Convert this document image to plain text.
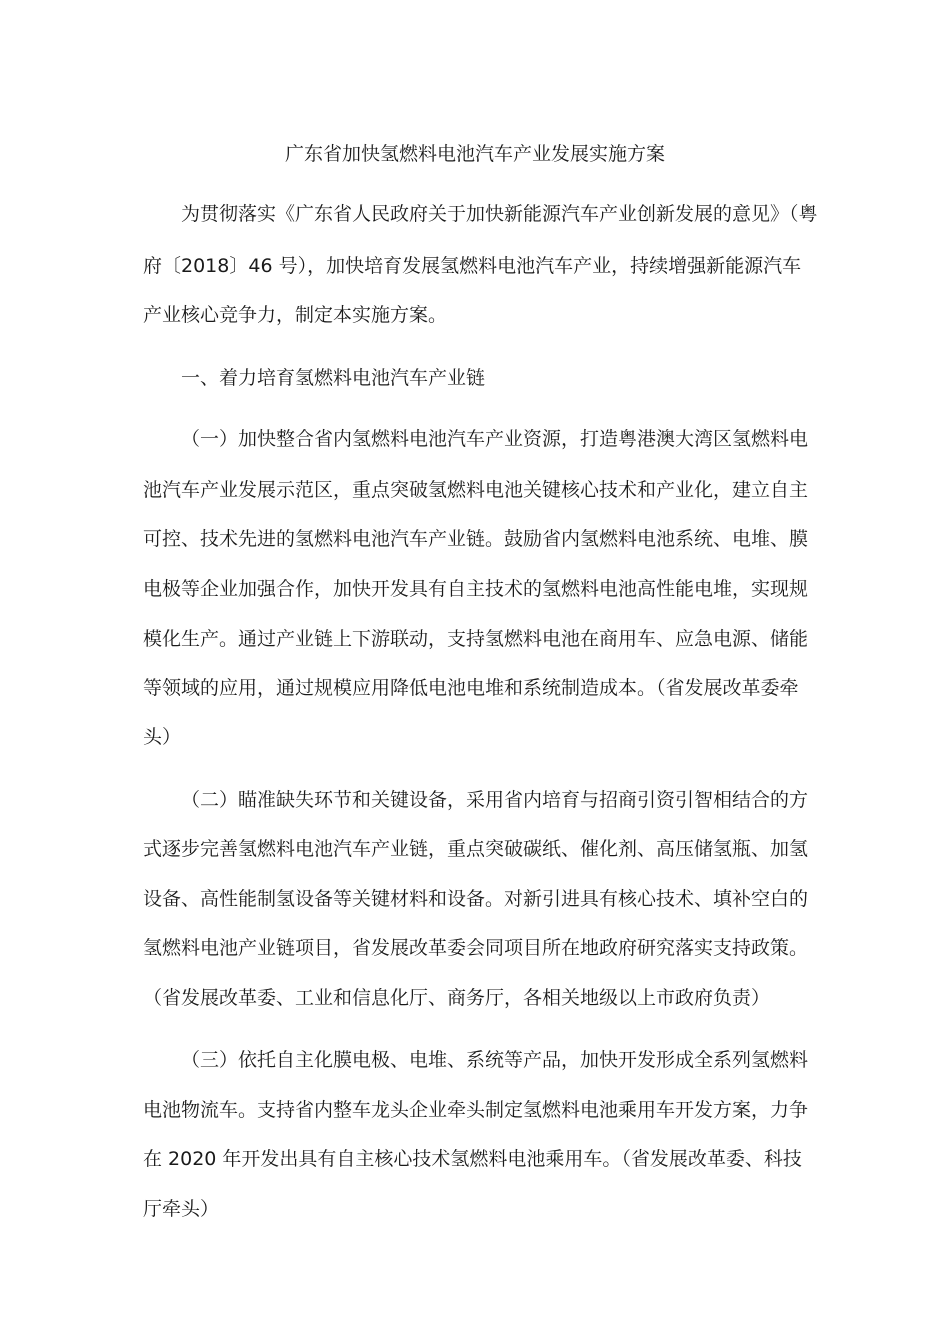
广东省加快氢燃料电池汽车产业发展实施方案
为贯彻落实《广东省人民政府关于加快新能源汽车产业创新发展的意见》（粤
府〔2018〕46 号），加快培育发展氢燃料电池汽车产业，持续增强新能源汽车
产业核心竞争力，制定本实施方案。
一、着力培育氢燃料电池汽车产业链
（一）加快整合省内氢燃料电池汽车产业资源，打造粤港澳大湾区氢燃料电
池汽车产业发展示范区，重点突破氢燃料电池关键核心技术和产业化，建立自主
可控、技术先进的氢燃料电池汽车产业链。鼓励省内氢燃料电池系统、电堆、膜
电极等企业加强合作，加快开发具有自主技术的氢燃料电池高性能电堆，实现规
模化生产。通过产业链上下游联动，支持氢燃料电池在商用车、应急电源、储能
等领域的应用，通过规模应用降低电池电堆和系统制造成本。（省发展改革委牵
头）
（二）瞄准缺失环节和关键设备，采用省内培育与招商引资引智相结合的方
式逐步完善氢燃料电池汽车产业链，重点突破碳纸、催化剂、高压储氢瓶、加氢
设备、高性能制氢设备等关键材料和设备。对新引进具有核心技术、填补空白的
氢燃料电池产业链项目，省发展改革委会同项目所在地政府研究落实支持政策。
（省发展改革委、工业和信息化厅、商务厅，各相关地级以上市政府负责）
（三）依托自主化膜电极、电堆、系统等产品，加快开发形成全系列氢燃料
电池物流车。支持省内整车龙头企业牵头制定氢燃料电池乘用车开发方案，力争
在 2020 年开发出具有自主核心技术氢燃料电池乘用车。（省发展改革委、科技
厅牵头）
